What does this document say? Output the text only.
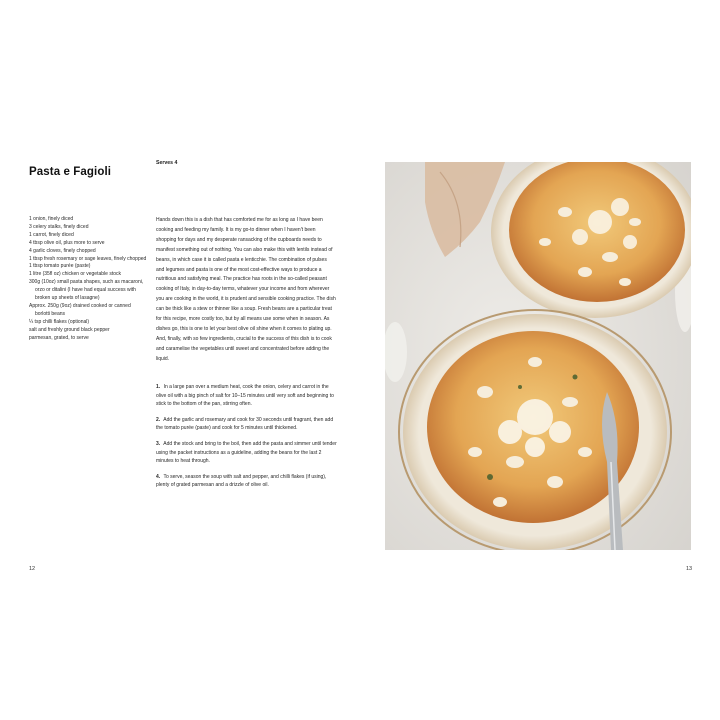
Pasta e Fagioli
Serves 4
1 onion, finely diced
3 celery stalks, finely diced
1 carrot, finely diced
4 tbsp olive oil, plus more to serve
4 garlic cloves, finely chopped
1 tbsp fresh rosemary or sage leaves, finely chopped
1 tbsp tomato purée (paste)
1 litre (35fl oz) chicken or vegetable stock
300g (10oz) small pasta shapes, such as macaroni, orzo or ditalini (I have had equal success with broken up sheets of lasagne)
Approx. 250g (9oz) drained cooked or canned borlotti beans
¼ tsp chilli flakes (optional)
salt and freshly ground black pepper
parmesan, grated, to serve

Hands down this is a dish that has comforted me for as long as I have been cooking and feeding my family. It is my go-to dinner when I haven't been shopping for days and my desperate ransacking of the cupboards needs to manifest something out of nothing. You can also make this with lentils instead of beans, in which case it is called pasta e lenticchie. The combination of pulses and legumes and pasta is one of the most cost-effective ways to produce a nutritious and satisfying meal. The practice has roots in the so-called peasant cooking of Italy, in day-to-day terms, whatever your income and from wherever you are cooking in the world, it is prudent and sensible cooking practice. The dish can be thick like a stew or thinner like a soup. Fresh beans are a particular treat for this recipe, more costly too, but by all means use some when in season. As dishes go, this is one to let your best olive oil shine when it comes to plating up. And, finally, with so few ingredients, crucial to the success of this dish is to cook and caramelise the vegetables until sweet and concentrated before adding the liquid.

1. In a large pan over a medium heat, cook the onion, celery and carrot in the olive oil with a big pinch of salt for 10–15 minutes until very soft and beginning to stick to the bottom of the pan, stirring often.
2. Add the garlic and rosemary and cook for 30 seconds until fragrant, then add the tomato purée (paste) and cook for 5 minutes until thickened.
3. Add the stock and bring to the boil, then add the pasta and simmer until tender using the packet instructions as a guideline, adding the beans for the last 2 minutes to heat through.
4. To serve, season the soup with salt and pepper, and chilli flakes (if using), plenty of grated parmesan and a drizzle of olive oil.
12	13
